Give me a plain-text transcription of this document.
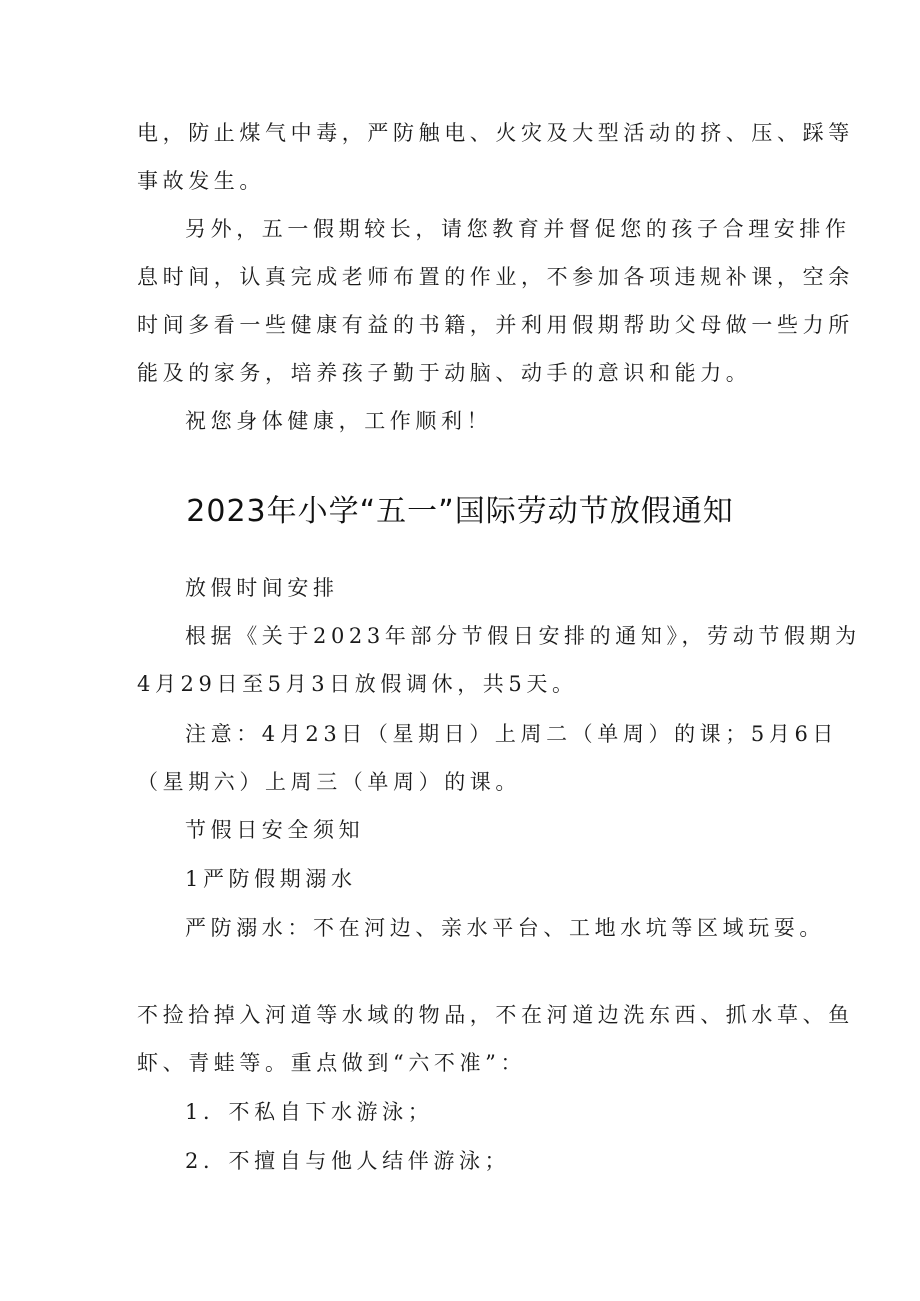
电，防止煤气中毒，严防触电、火灾及大型活动的挤、压、踩等
事故发生。
另外，五一假期较长，请您教育并督促您的孩子合理安排作
息时间，认真完成老师布置的作业，不参加各项违规补课，空余
时间多看一些健康有益的书籍，并利用假期帮助父母做一些力所
能及的家务，培养孩子勤于动脑、动手的意识和能力。
祝您身体健康，工作顺利！
2023年小学“五一”国际劳动节放假通知
放假时间安排
根据《关于2023年部分节假日安排的通知》，劳动节假期为
4月29日至5月3日放假调休，共5天。
注意：4月23日（星期日）上周二（单周）的课；5月6日
（星期六）上周三（单周）的课。
节假日安全须知
1严防假期溺水
严防溺水：不在河边、亲水平台、工地水坑等区域玩耍。
不捡拾掉入河道等水域的物品，不在河道边洗东西、抓水草、鱼
虾、青蛙等。重点做到“六不准”：
1．不私自下水游泳；
2．不擅自与他人结伴游泳；
